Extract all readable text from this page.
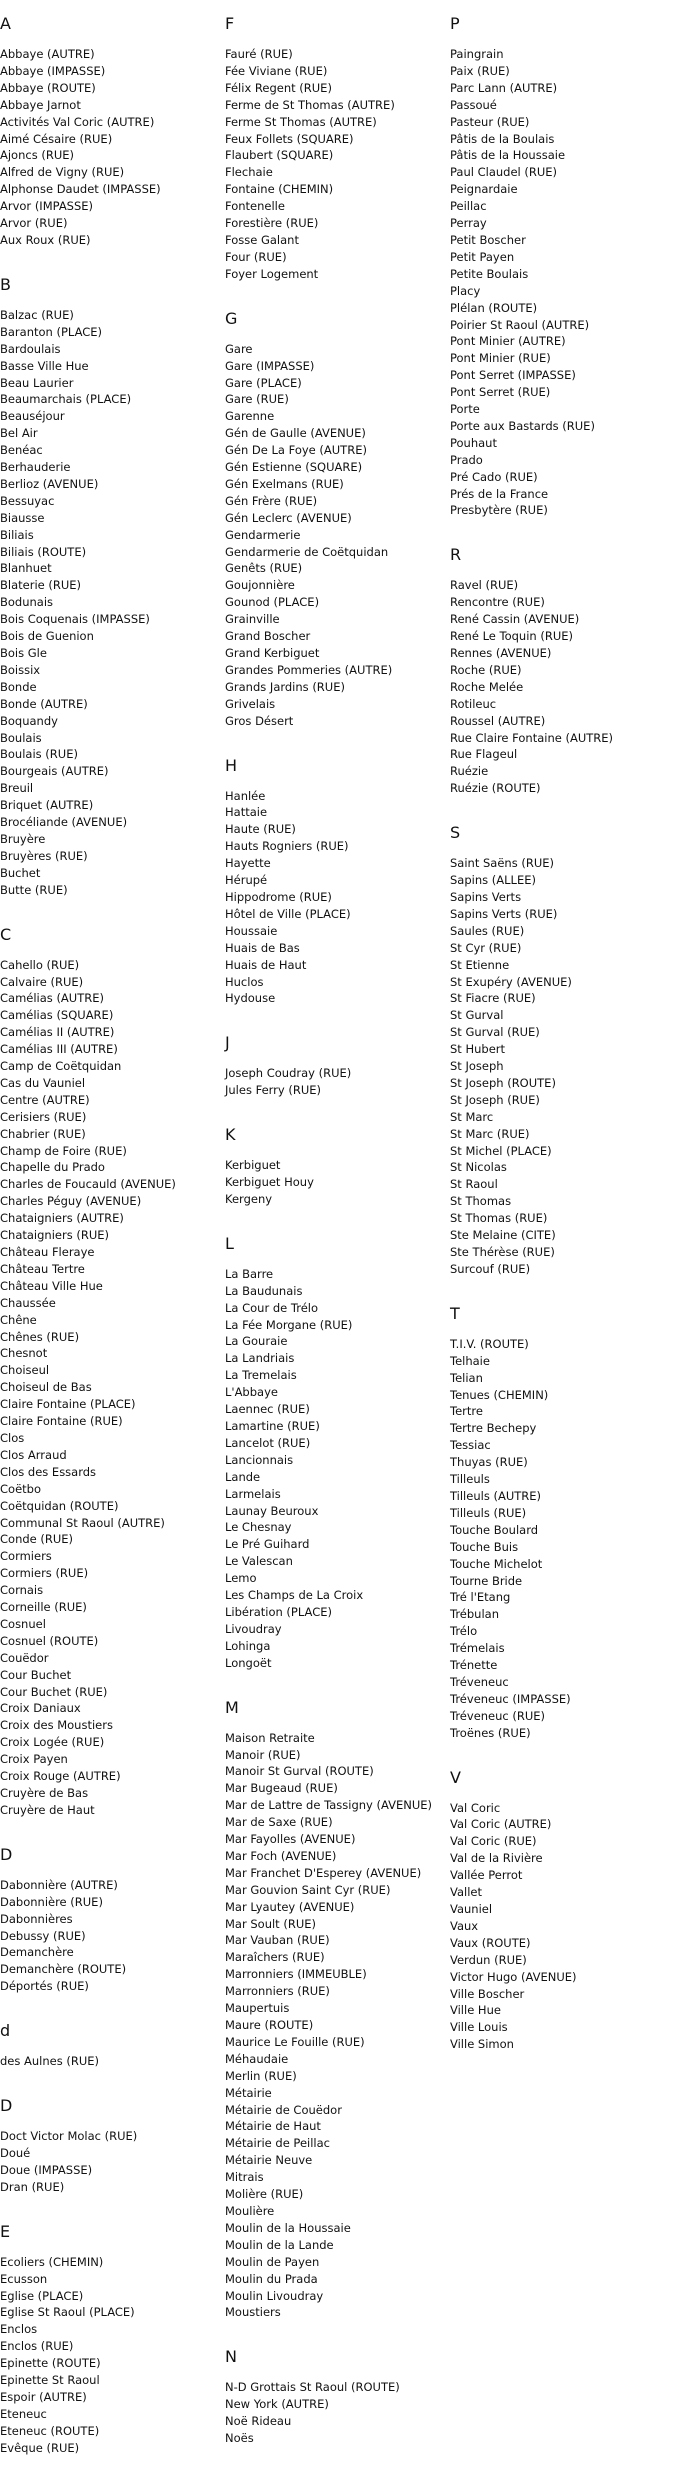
A
Abbaye (AUTRE)
Abbaye (IMPASSE)
Abbaye (ROUTE)
Abbaye Jarnot
Activités Val Coric (AUTRE)
Aimé Césaire (RUE)
Ajoncs (RUE)
Alfred de Vigny (RUE)
Alphonse Daudet (IMPASSE)
Arvor (IMPASSE)
Arvor (RUE)
Aux Roux (RUE)
B
Balzac (RUE)
Baranton (PLACE)
Bardoulais
Basse Ville Hue
Beau Laurier
Beaumarchais (PLACE)
Beauséjour
Bel Air
Benéac
Berhauderie
Berlioz (AVENUE)
Bessuyac
Biausse
Biliais
Biliais (ROUTE)
Blanhuet
Blaterie (RUE)
Bodunais
Bois Coquenais (IMPASSE)
Bois de Guenion
Bois Gle
Boissix
Bonde
Bonde (AUTRE)
Boquandy
Boulais
Boulais (RUE)
Bourgeais (AUTRE)
Breuil
Briquet (AUTRE)
Brocéliande (AVENUE)
Bruyère
Bruyères (RUE)
Buchet
Butte (RUE)
C
Cahello (RUE)
Calvaire (RUE)
Camélias (AUTRE)
Camélias (SQUARE)
Camélias II (AUTRE)
Camélias III (AUTRE)
Camp de Coëtquidan
Cas du Vauniel
Centre (AUTRE)
Cerisiers (RUE)
Chabrier (RUE)
Champ de Foire (RUE)
Chapelle du Prado
Charles de Foucauld (AVENUE)
Charles Péguy (AVENUE)
Chataigniers (AUTRE)
Chataigniers (RUE)
Château Fleraye
Château Tertre
Château Ville Hue
Chaussée
Chêne
Chênes (RUE)
Chesnot
Choiseul
Choiseul de Bas
Claire Fontaine (PLACE)
Claire Fontaine (RUE)
Clos
Clos Arraud
Clos des Essards
Coëtbo
Coëtquidan (ROUTE)
Communal St Raoul (AUTRE)
Conde (RUE)
Cormiers
Cormiers (RUE)
Cornais
Corneille (RUE)
Cosnuel
Cosnuel (ROUTE)
Couëdor
Cour Buchet
Cour Buchet (RUE)
Croix Daniaux
Croix des Moustiers
Croix Logée (RUE)
Croix Payen
Croix Rouge (AUTRE)
Cruyère de Bas
Cruyère de Haut
D
Dabonnière (AUTRE)
Dabonnière (RUE)
Dabonnières
Debussy (RUE)
Demanchère
Demanchère (ROUTE)
Déportés (RUE)
d
des Aulnes (RUE)
D
Doct Victor Molac (RUE)
Doué
Doue (IMPASSE)
Dran (RUE)
E
Ecoliers (CHEMIN)
Ecusson
Eglise (PLACE)
Eglise St Raoul (PLACE)
Enclos
Enclos (RUE)
Epinette (ROUTE)
Epinette St Raoul
Espoir (AUTRE)
Eteneuc
Eteneuc (ROUTE)
Evêque (RUE)
F
Fauré (RUE)
Fée Viviane (RUE)
Félix Regent (RUE)
Ferme de St Thomas (AUTRE)
Ferme St Thomas (AUTRE)
Feux Follets (SQUARE)
Flaubert (SQUARE)
Flechaie
Fontaine (CHEMIN)
Fontenelle
Forestière (RUE)
Fosse Galant
Four (RUE)
Foyer Logement
G
Gare
Gare (IMPASSE)
Gare (PLACE)
Gare (RUE)
Garenne
Gén de Gaulle (AVENUE)
Gén De La Foye (AUTRE)
Gén Estienne (SQUARE)
Gén Exelmans (RUE)
Gén Frère (RUE)
Gén Leclerc (AVENUE)
Gendarmerie
Gendarmerie de Coëtquidan
Genêts (RUE)
Goujonnière
Gounod (PLACE)
Grainville
Grand Boscher
Grand Kerbiguet
Grandes Pommeries (AUTRE)
Grands Jardins (RUE)
Grivelais
Gros Désert
H
Hanlée
Hattaie
Haute (RUE)
Hauts Rogniers (RUE)
Hayette
Hérupé
Hippodrome (RUE)
Hôtel de Ville (PLACE)
Houssaie
Huais de Bas
Huais de Haut
Huclos
Hydouse
J
Joseph Coudray (RUE)
Jules Ferry (RUE)
K
Kerbiguet
Kerbiguet Houy
Kergeny
L
La Barre
La Baudunais
La Cour de Trélo
La Fée Morgane (RUE)
La Gouraie
La Landriais
La Tremelais
L'Abbaye
Laennec (RUE)
Lamartine (RUE)
Lancelot (RUE)
Lancionnais
Lande
Larmelais
Launay Beuroux
Le Chesnay
Le Pré Guihard
Le Valescan
Lemo
Les Champs de La Croix
Libération (PLACE)
Livoudray
Lohinga
Longoët
M
Maison Retraite
Manoir (RUE)
Manoir St Gurval (ROUTE)
Mar Bugeaud (RUE)
Mar de Lattre de Tassigny (AVENUE)
Mar de Saxe (RUE)
Mar Fayolles (AVENUE)
Mar Foch (AVENUE)
Mar Franchet D'Esperey (AVENUE)
Mar Gouvion Saint Cyr (RUE)
Mar Lyautey (AVENUE)
Mar Soult (RUE)
Mar Vauban (RUE)
Maraîchers (RUE)
Marronniers (IMMEUBLE)
Marronniers (RUE)
Maupertuis
Maure (ROUTE)
Maurice Le Fouille (RUE)
Méhaudaie
Merlin (RUE)
Métairie
Métairie de Couëdor
Métairie de Haut
Métairie de Peillac
Métairie Neuve
Mitrais
Molière (RUE)
Moulière
Moulin de la Houssaie
Moulin de la Lande
Moulin de Payen
Moulin du Prada
Moulin Livoudray
Moustiers
N
N-D Grottais St Raoul (ROUTE)
New York (AUTRE)
Noë Rideau
Noës
P
Paingrain
Paix (RUE)
Parc Lann (AUTRE)
Passoué
Pasteur (RUE)
Pâtis de la Boulais
Pâtis de la Houssaie
Paul Claudel (RUE)
Peignardaie
Peillac
Perray
Petit Boscher
Petit Payen
Petite Boulais
Placy
Plélan (ROUTE)
Poirier St Raoul (AUTRE)
Pont Minier (AUTRE)
Pont Minier (RUE)
Pont Serret (IMPASSE)
Pont Serret (RUE)
Porte
Porte aux Bastards (RUE)
Pouhaut
Prado
Pré Cado (RUE)
Prés de la France
Presbytère (RUE)
R
Ravel (RUE)
Rencontre (RUE)
René Cassin (AVENUE)
René Le Toquin (RUE)
Rennes (AVENUE)
Roche (RUE)
Roche Melée
Rotileuc
Roussel (AUTRE)
Rue Claire Fontaine (AUTRE)
Rue Flageul
Ruézie
Ruézie (ROUTE)
S
Saint Saëns (RUE)
Sapins (ALLEE)
Sapins Verts
Sapins Verts (RUE)
Saules (RUE)
St Cyr (RUE)
St Etienne
St Exupéry (AVENUE)
St Fiacre (RUE)
St Gurval
St Gurval (RUE)
St Hubert
St Joseph
St Joseph (ROUTE)
St Joseph (RUE)
St Marc
St Marc (RUE)
St Michel (PLACE)
St Nicolas
St Raoul
St Thomas
St Thomas (RUE)
Ste Melaine (CITE)
Ste Thérèse (RUE)
Surcouf (RUE)
T
T.I.V. (ROUTE)
Telhaie
Telian
Tenues (CHEMIN)
Tertre
Tertre Bechepy
Tessiac
Thuyas (RUE)
Tilleuls
Tilleuls (AUTRE)
Tilleuls (RUE)
Touche Boulard
Touche Buis
Touche Michelot
Tourne Bride
Tré l'Etang
Trébulan
Trélo
Trémelais
Trénette
Tréveneuc
Tréveneuc (IMPASSE)
Tréveneuc (RUE)
Troënes (RUE)
V
Val Coric
Val Coric (AUTRE)
Val Coric (RUE)
Val de la Rivière
Vallée Perrot
Vallet
Vauniel
Vaux
Vaux (ROUTE)
Verdun (RUE)
Victor Hugo (AVENUE)
Ville Boscher
Ville Hue
Ville Louis
Ville Simon
